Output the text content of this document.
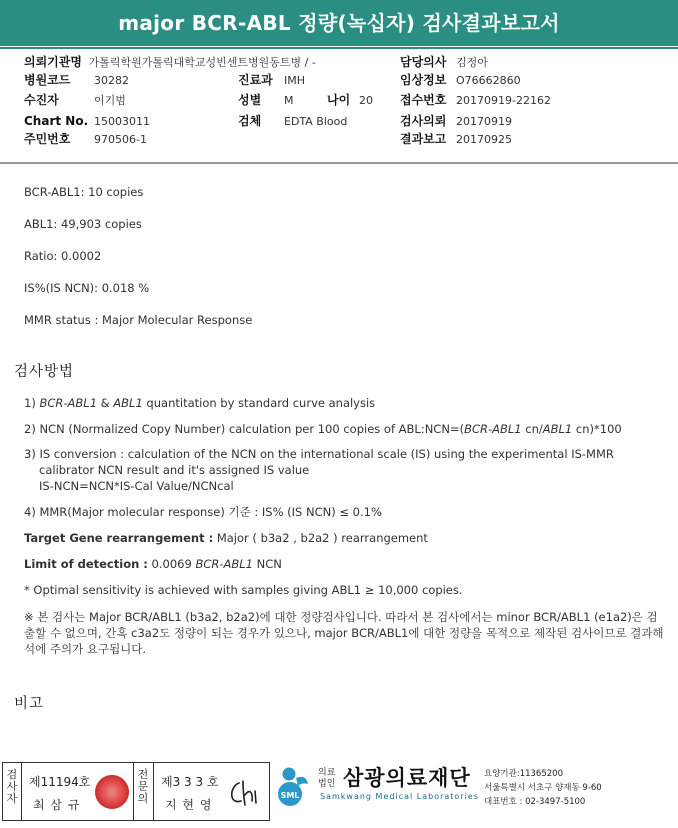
major BCR-ABL 정량(녹십자) 검사결과보고서
의뢰기관명 가톨릭학원가톨릭대학교성빈센트병원동트병 / -
병원코드 30282
수진자	이기범
Chart No. 15003011
주민번호 970506-1
진료과 IMH
성별 M	나이 20
검체 EDTA Blood
담당의사 김정아
임상정보 O76662860
접수번호 20170919-22162
검사의뢰 20170919
결과보고 20170925
BCR-ABL1: 10 copies
ABL1: 49,903 copies
Ratio: 0.0002
IS%(IS NCN): 0.018 %
MMR status : Major Molecular Response
검사방법
1) BCR-ABL1 & ABL1 quantitation by standard curve analysis
2) NCN (Normalized Copy Number) calculation per 100 copies of ABL:NCN=(BCR-ABL1 cn/ABL1 cn)*100
3) IS conversion : calculation of the NCN on the international scale (IS) using the experimental IS-MMR
calibrator NCN result and it's assigned IS value
IS-NCN=NCN*IS-Cal Value/NCNcal
4) MMR(Major molecular response) 기준 : IS% (IS NCN) ≤ 0.1%
Target Gene rearrangement : Major ( b3a2 , b2a2 ) rearrangement
Limit of detection : 0.0069 BCR-ABL1 NCN
* Optimal sensitivity is achieved with samples giving ABL1 ≥ 10,000 copies.
※ 본 검사는 Major BCR/ABL1 (b3a2, b2a2)에 대한 정량검사입니다. 따라서 본 검사에서는 minor BCR/ABL1 (e1a2)은 검출할 수 없으며, 간혹 c3a2도 정량이 되는 경우가 있으나, major BCR/ABL1에 대한 정량을 목적으로 제작된 검사이므로 결과해석에 주의가 요구됩니다.
비고
검사자
제11194호
최 삼 규
전문의
제3 3 3 호
지 현 영
SML
의료법인 삼광의료재단
Samkwang Medical Laboratories
요양기관:11365200
서울특별시 서초구 양재동 9-60
대표번호 : 02-3497-5100
